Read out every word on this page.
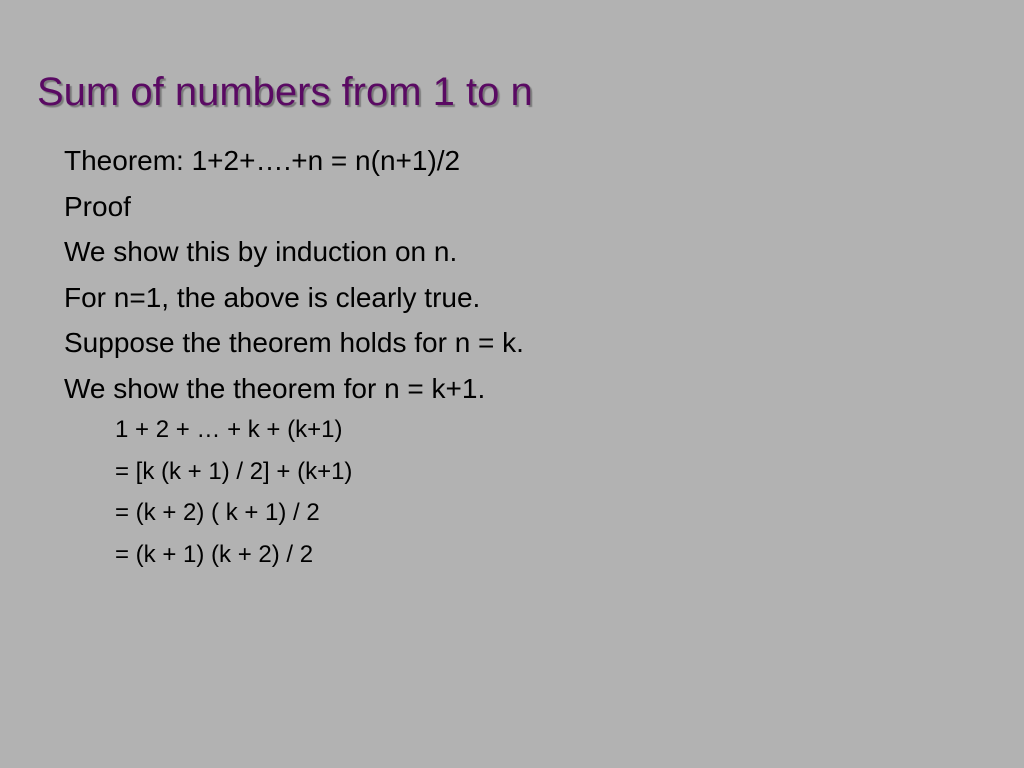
Sum of numbers from 1 to n
Theorem: 1+2+….+n = n(n+1)/2
Proof
We show this by induction on n.
For n=1, the above is clearly true.
Suppose the theorem holds for n = k.
We show the theorem for n = k+1.
1 + 2 + … + k + (k+1)
= [k (k + 1) / 2] + (k+1)
= (k + 2) ( k + 1) / 2
= (k + 1) (k + 2) / 2
